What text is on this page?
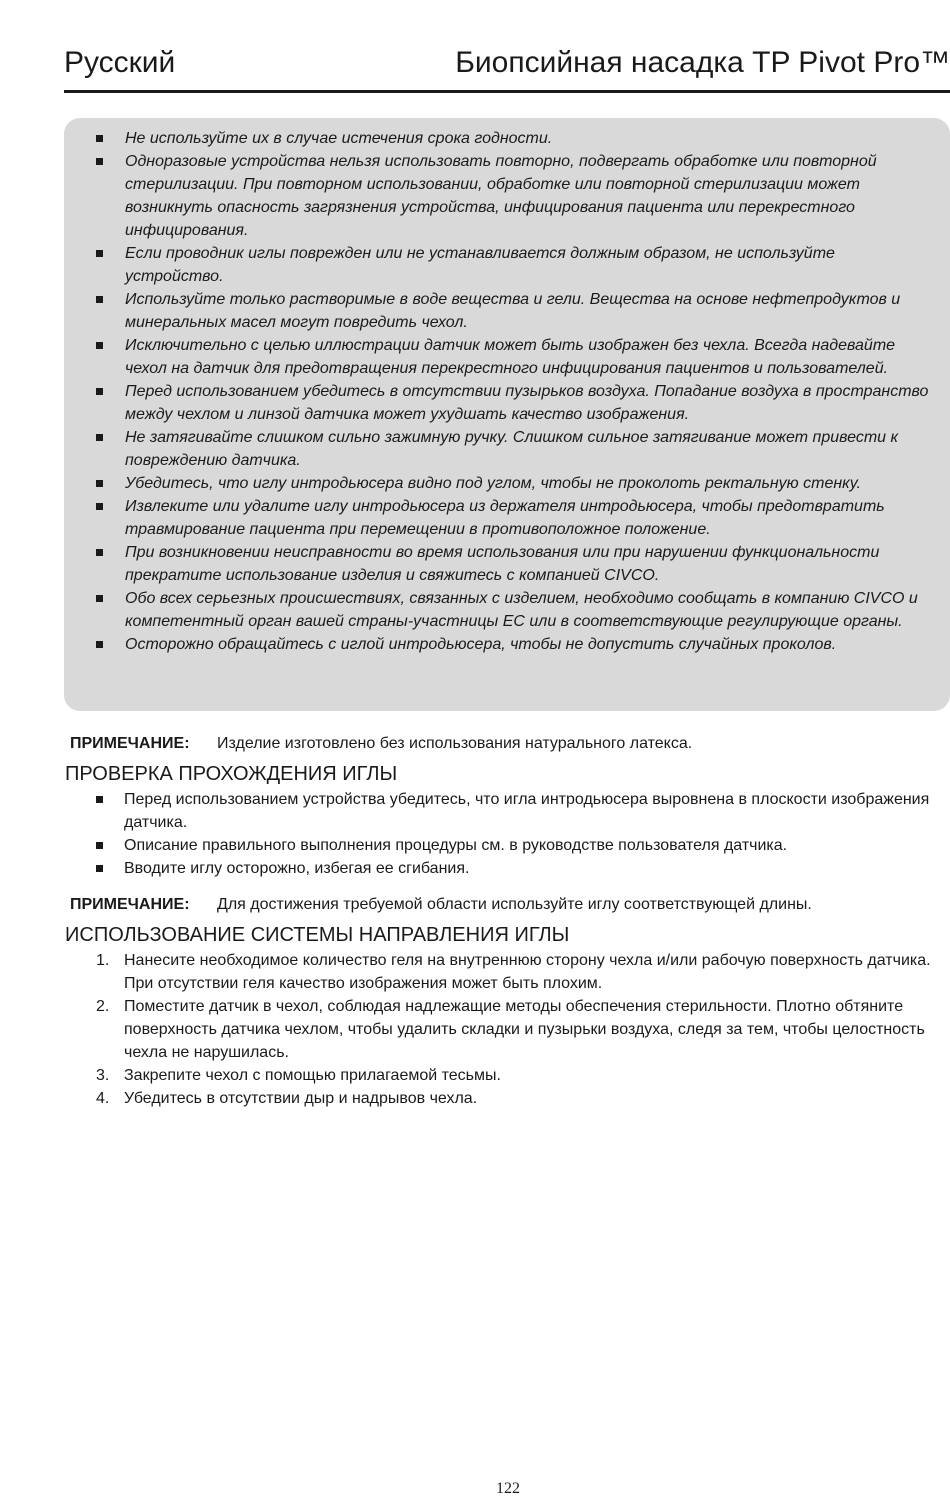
Русский	Биопсийная насадка TP Pivot Pro™
Не используйте их в случае истечения срока годности.
Одноразовые устройства нельзя использовать повторно, подвергать обработке или повторной стерилизации. При повторном использовании, обработке или повторной стерилизации может возникнуть опасность загрязнения устройства, инфицирования пациента или перекрестного инфицирования.
Если проводник иглы поврежден или не устанавливается должным образом, не используйте устройство.
Используйте только растворимые в воде вещества и гели. Вещества на основе нефтепродуктов и минеральных масел могут повредить чехол.
Исключительно с целью иллюстрации датчик может быть изображен без чехла. Всегда надевайте чехол на датчик для предотвращения перекрестного инфицирования пациентов и пользователей.
Перед использованием убедитесь в отсутствии пузырьков воздуха. Попадание воздуха в пространство между чехлом и линзой датчика может ухудшать качество изображения.
Не затягивайте слишком сильно зажимную ручку. Слишком сильное затягивание может привести к повреждению датчика.
Убедитесь, что иглу интродьюсера видно под углом, чтобы не проколоть ректальную стенку.
Извлеките или удалите иглу интродьюсера из держателя интродьюсера, чтобы предотвратить травмирование пациента при перемещении в противоположное положение.
При возникновении неисправности во время использования или при нарушении функциональности прекратите использование изделия и свяжитесь с компанией CIVCO.
Обо всех серьезных происшествиях, связанных с изделием, необходимо сообщать в компанию CIVCO и компетентный орган вашей страны-участницы ЕС или в соответствующие регулирующие органы.
Осторожно обращайтесь с иглой интродьюсера, чтобы не допустить случайных проколов.
ПРИМЕЧАНИЕ: Изделие изготовлено без использования натурального латекса.
ПРОВЕРКА ПРОХОЖДЕНИЯ ИГЛЫ
Перед использованием устройства убедитесь, что игла интродьюсера выровнена в плоскости изображения датчика.
Описание правильного выполнения процедуры см. в руководстве пользователя датчика.
Вводите иглу осторожно, избегая ее сгибания.
ПРИМЕЧАНИЕ: Для достижения требуемой области используйте иглу соответствующей длины.
ИСПОЛЬЗОВАНИЕ СИСТЕМЫ НАПРАВЛЕНИЯ ИГЛЫ
1. Нанесите необходимое количество геля на внутреннюю сторону чехла и/или рабочую поверхность датчика. При отсутствии геля качество изображения может быть плохим.
2. Поместите датчик в чехол, соблюдая надлежащие методы обеспечения стерильности. Плотно обтяните поверхность датчика чехлом, чтобы удалить складки и пузырьки воздуха, следя за тем, чтобы целостность чехла не нарушилась.
3. Закрепите чехол с помощью прилагаемой тесьмы.
4. Убедитесь в отсутствии дыр и надрывов чехла.
122
